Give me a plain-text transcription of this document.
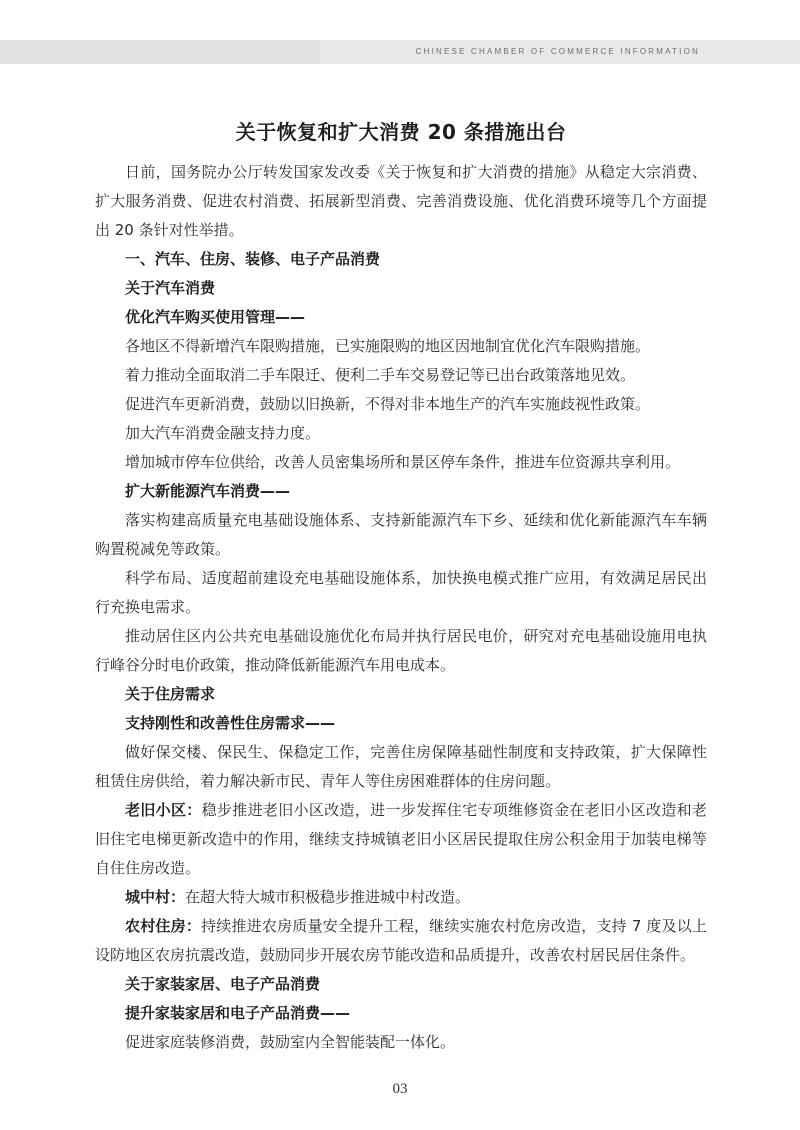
CHINESE CHAMBER OF COMMERCE INFORMATION
关于恢复和扩大消费 20 条措施出台

日前，国务院办公厅转发国家发改委《关于恢复和扩大消费的措施》从稳定大宗消费、扩大服务消费、促进农村消费、拓展新型消费、完善消费设施、优化消费环境等几个方面提出 20 条针对性举措。

一、汽车、住房、装修、电子产品消费

关于汽车消费

优化汽车购买使用管理——

各地区不得新增汽车限购措施，已实施限购的地区因地制宜优化汽车限购措施。

着力推动全面取消二手车限迁、便利二手车交易登记等已出台政策落地见效。

促进汽车更新消费，鼓励以旧换新，不得对非本地生产的汽车实施歧视性政策。

加大汽车消费金融支持力度。

增加城市停车位供给，改善人员密集场所和景区停车条件，推进车位资源共享利用。

扩大新能源汽车消费——

落实构建高质量充电基础设施体系、支持新能源汽车下乡、延续和优化新能源汽车车辆购置税减免等政策。

科学布局、适度超前建设充电基础设施体系，加快换电模式推广应用，有效满足居民出行充换电需求。

推动居住区内公共充电基础设施优化布局并执行居民电价，研究对充电基础设施用电执行峰谷分时电价政策，推动降低新能源汽车用电成本。

关于住房需求

支持刚性和改善性住房需求——

做好保交楼、保民生、保稳定工作，完善住房保障基础性制度和支持政策，扩大保障性租赁住房供给，着力解决新市民、青年人等住房困难群体的住房问题。

老旧小区：稳步推进老旧小区改造，进一步发挥住宅专项维修资金在老旧小区改造和老旧住宅电梯更新改造中的作用，继续支持城镇老旧小区居民提取住房公积金用于加装电梯等自住住房改造。

城中村：在超大特大城市积极稳步推进城中村改造。

农村住房：持续推进农房质量安全提升工程，继续实施农村危房改造，支持 7 度及以上设防地区农房抗震改造，鼓励同步开展农房节能改造和品质提升，改善农村居民居住条件。

关于家装家居、电子产品消费

提升家装家居和电子产品消费——

促进家庭装修消费，鼓励室内全智能装配一体化。

03
